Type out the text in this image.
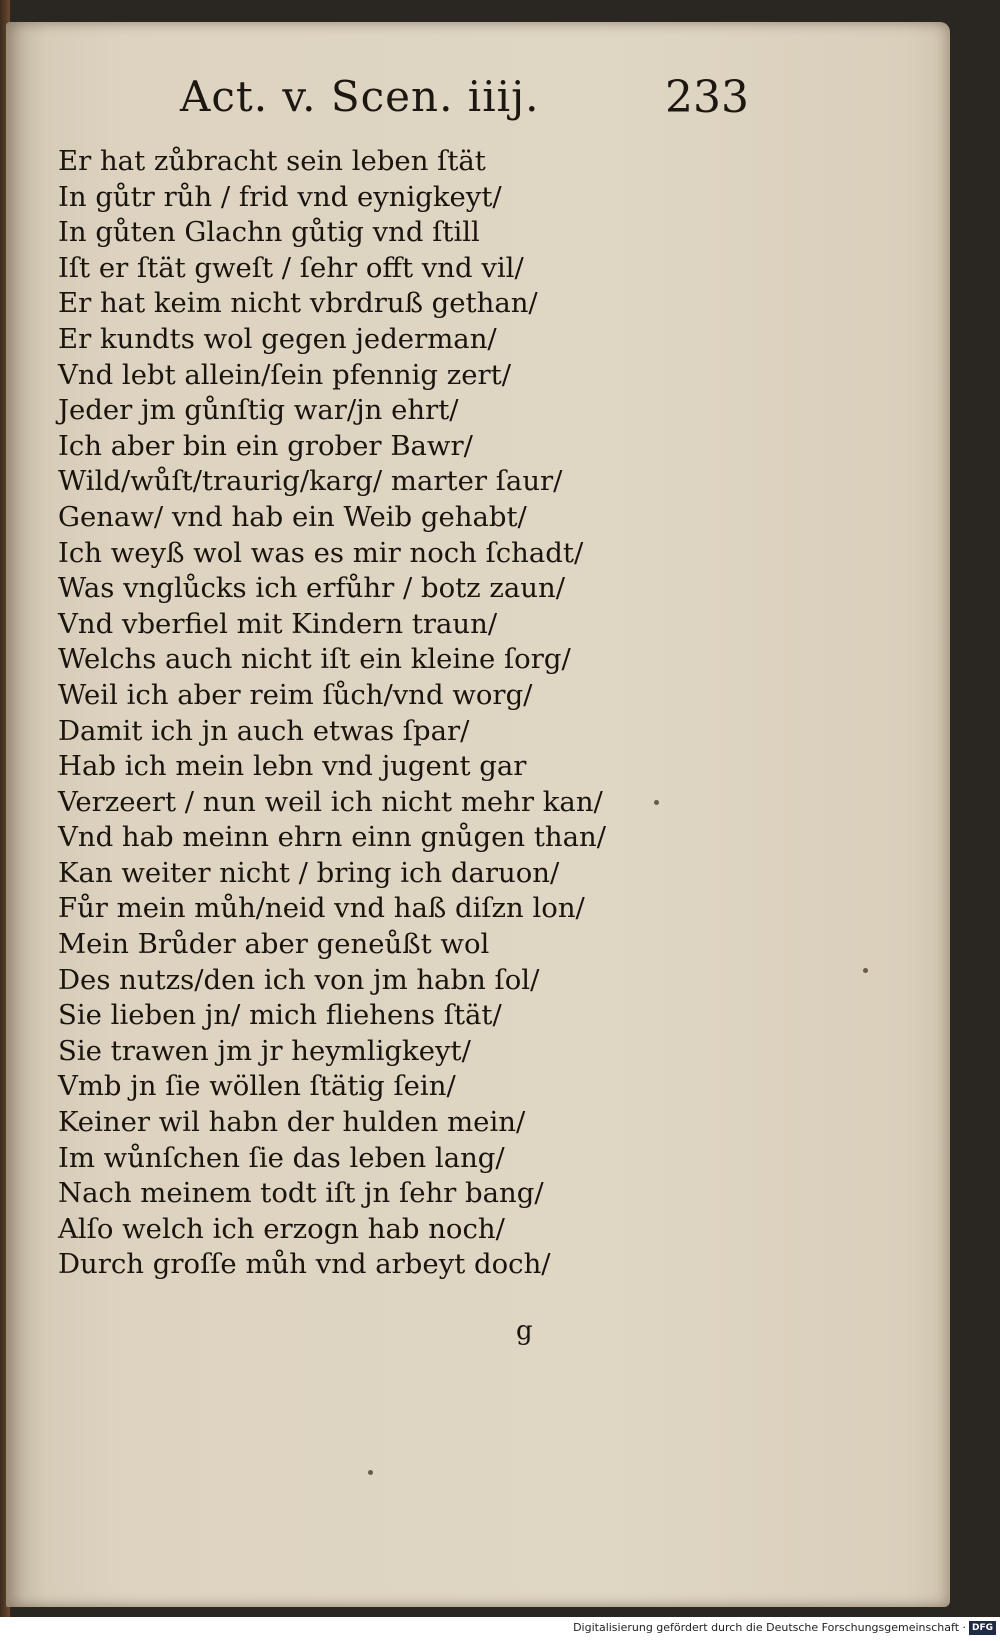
Act. v. Scen. iiij.	233
Er hat zůbracht sein leben ſtät
In gůtr růh / frid vnd eynigkeyt/
In gůten Glachn gůtig vnd ſtill
Iſt er ſtät gweſt / ſehr offt vnd vil/
Er hat keim nicht vbrdruß gethan/
Er kundts wol gegen jederman/
Vnd lebt allein/ſein pfennig zert/
Jeder jm gůnſtig war/jn ehrt/
Ich aber bin ein grober Bawr/
Wild/wůſt/traurig/karg/ marter ſaur/
Genaw/ vnd hab ein Weib gehabt/
Ich weyß wol was es mir noch ſchadt/
Was vnglůcks ich erfůhr / botz zaun/
Vnd vberfiel mit Kindern traun/
Welchs auch nicht iſt ein kleine ſorg/
Weil ich aber reim ſůch/vnd worg/
Damit ich jn auch etwas ſpar/
Hab ich mein lebn vnd jugent gar
Verzeert / nun weil ich nicht mehr kan/
Vnd hab meinn ehrn einn gnůgen than/
Kan weiter nicht / bring ich daruon/
Fůr mein můh/neid vnd haß diſzn lon/
Mein Brůder aber geneůßt wol
Des nutzs/den ich von jm habn ſol/
Sie lieben jn/ mich fliehens ſtät/
Sie trawen jm jr heymligkeyt/
Vmb jn ſie wöllen ſtätig ſein/
Keiner wil habn der hulden mein/
Im wůnſchen ſie das leben lang/
Nach meinem todt iſt jn ſehr bang/
Alſo welch ich erzogn hab noch/
Durch groſſe můh vnd arbeyt doch/
g
Digitalisierung gefördert durch die Deutsche Forschungsgemeinschaft · DFG
